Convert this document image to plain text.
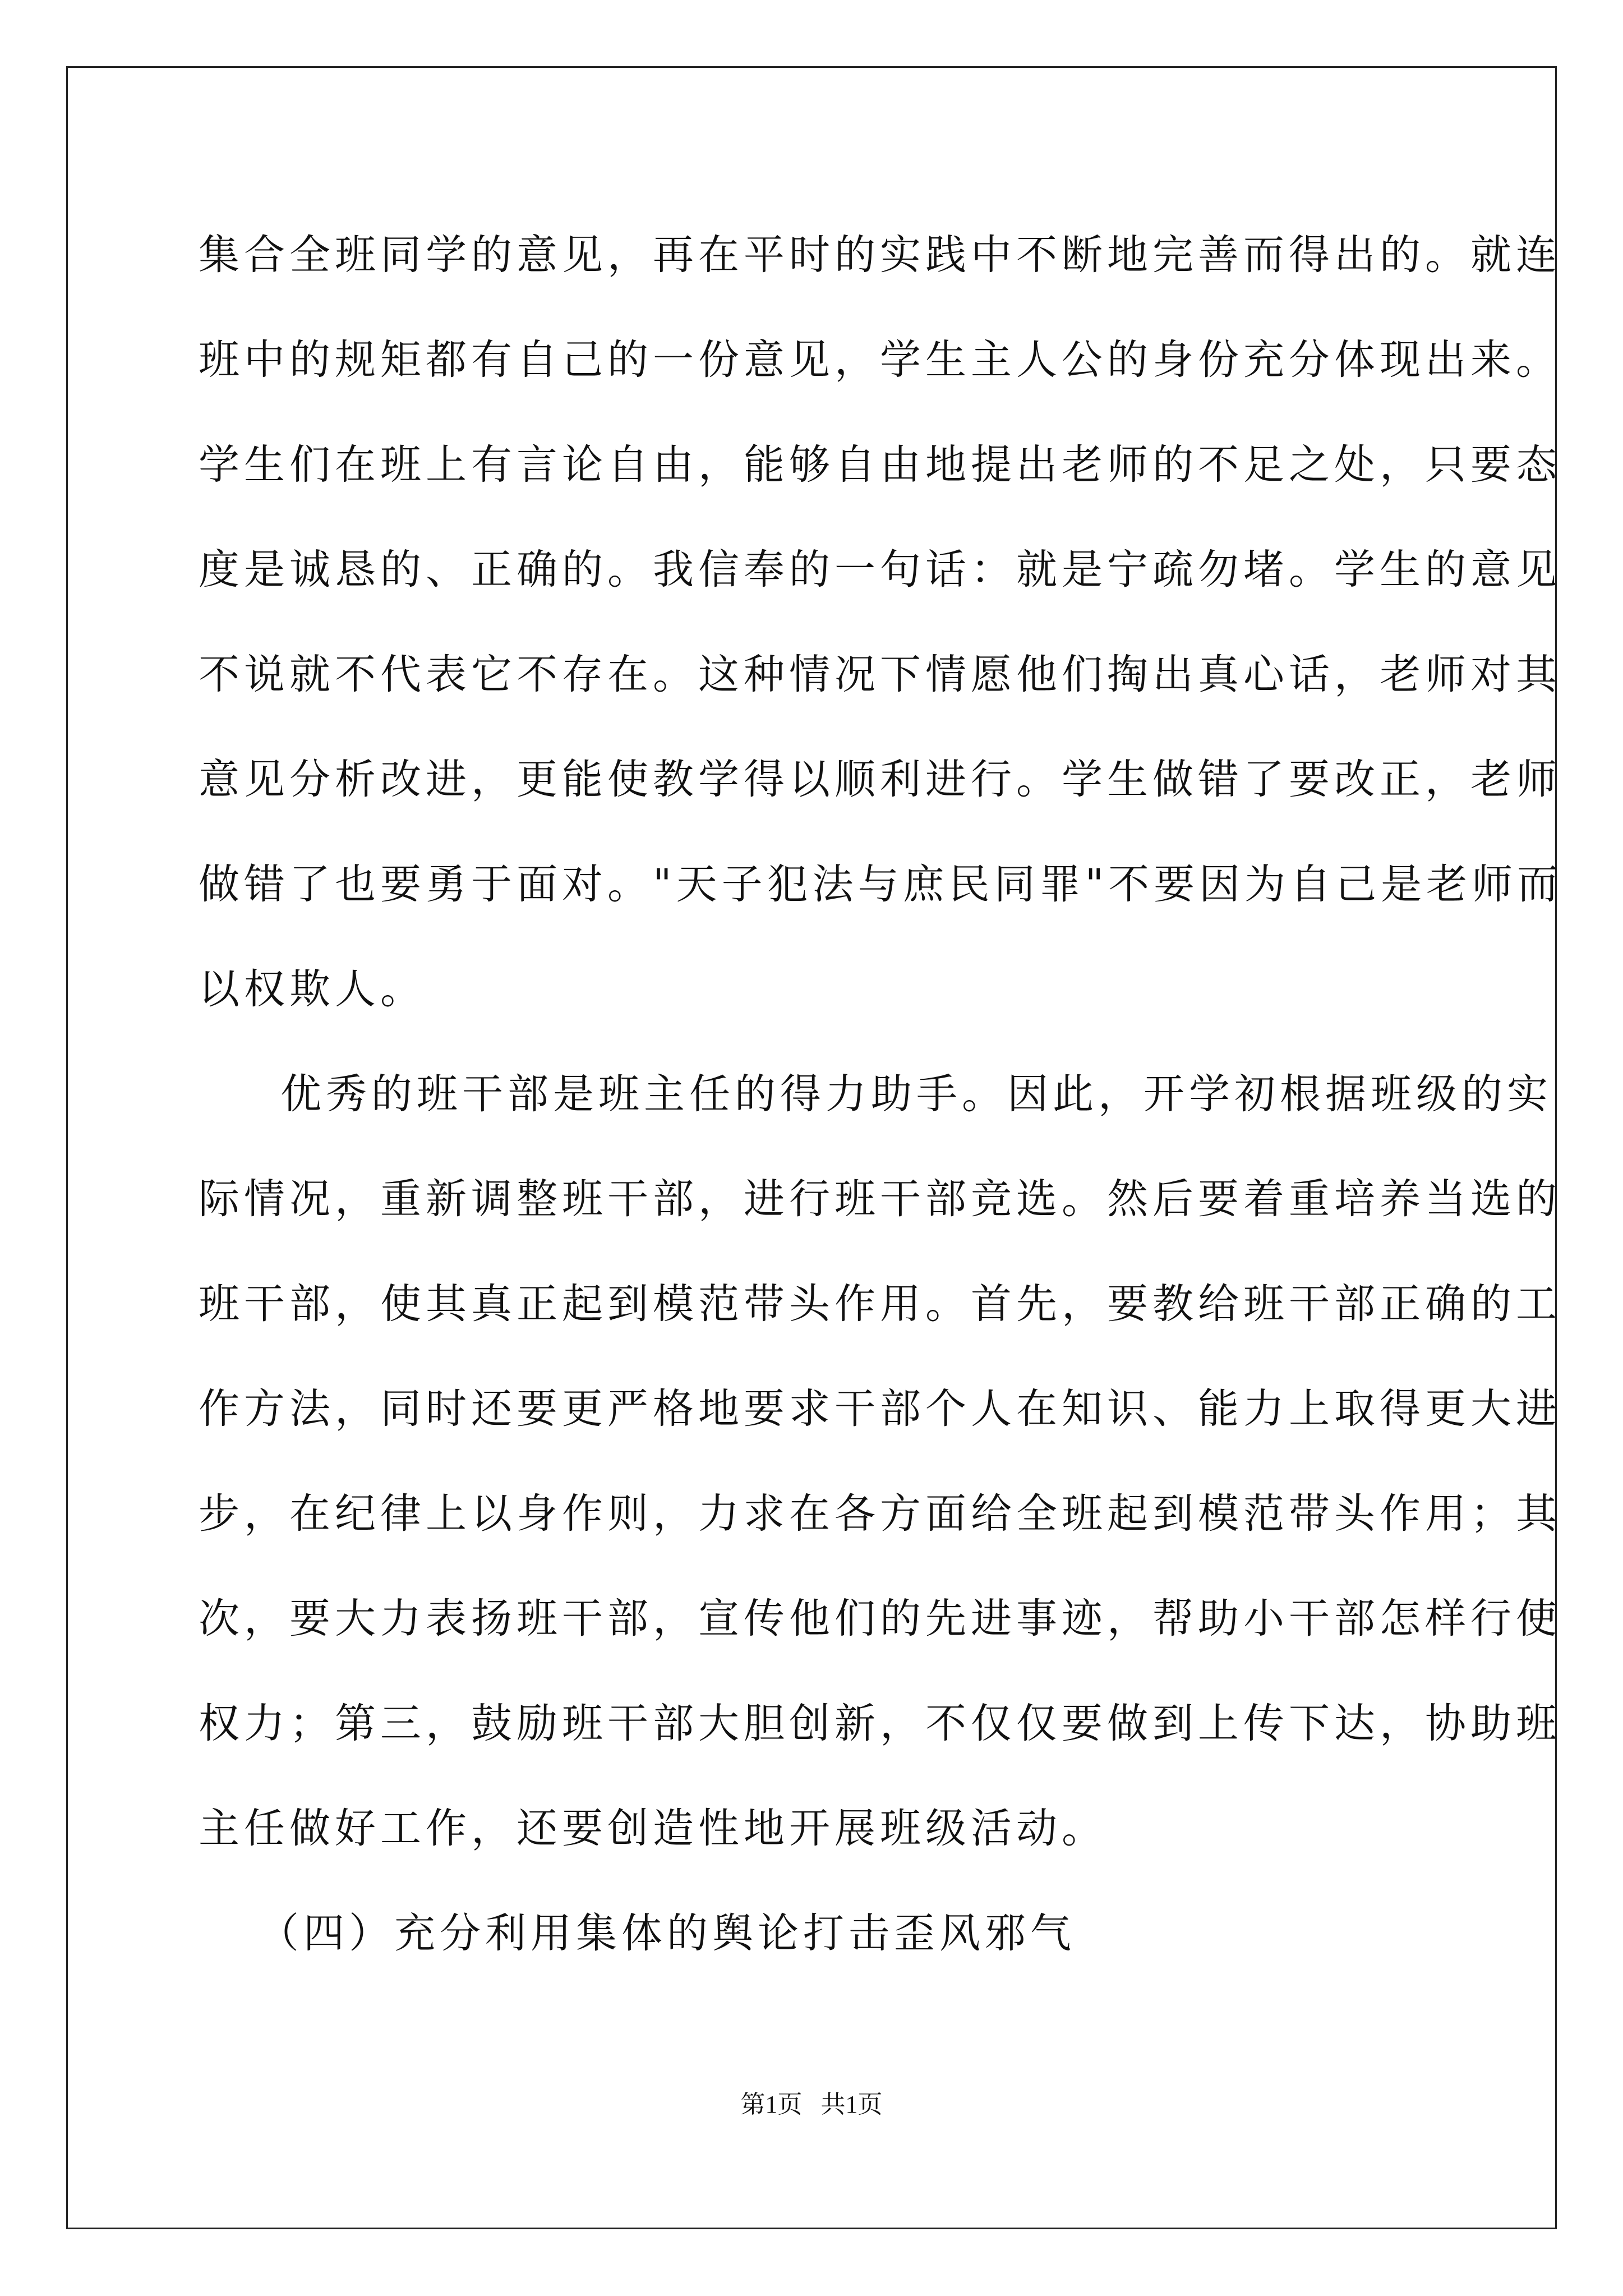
集合全班同学的意见，再在平时的实践中不断地完善而得出的。就连
班中的规矩都有自己的一份意见，学生主人公的身份充分体现出来。
学生们在班上有言论自由，能够自由地提出老师的不足之处，只要态
度是诚恳的、正确的。我信奉的一句话：就是宁疏勿堵。学生的意见
不说就不代表它不存在。这种情况下情愿他们掏出真心话，老师对其
意见分析改进，更能使教学得以顺利进行。学生做错了要改正，老师
做错了也要勇于面对。"天子犯法与庶民同罪"不要因为自己是老师而
以权欺人。
优秀的班干部是班主任的得力助手。因此，开学初根据班级的实
际情况，重新调整班干部，进行班干部竞选。然后要着重培养当选的
班干部，使其真正起到模范带头作用。首先，要教给班干部正确的工
作方法，同时还要更严格地要求干部个人在知识、能力上取得更大进
步，在纪律上以身作则，力求在各方面给全班起到模范带头作用；其
次，要大力表扬班干部，宣传他们的先进事迹，帮助小干部怎样行使
权力；第三，鼓励班干部大胆创新，不仅仅要做到上传下达，协助班
主任做好工作，还要创造性地开展班级活动。
（四）充分利用集体的舆论打击歪风邪气
第1页   共1页
